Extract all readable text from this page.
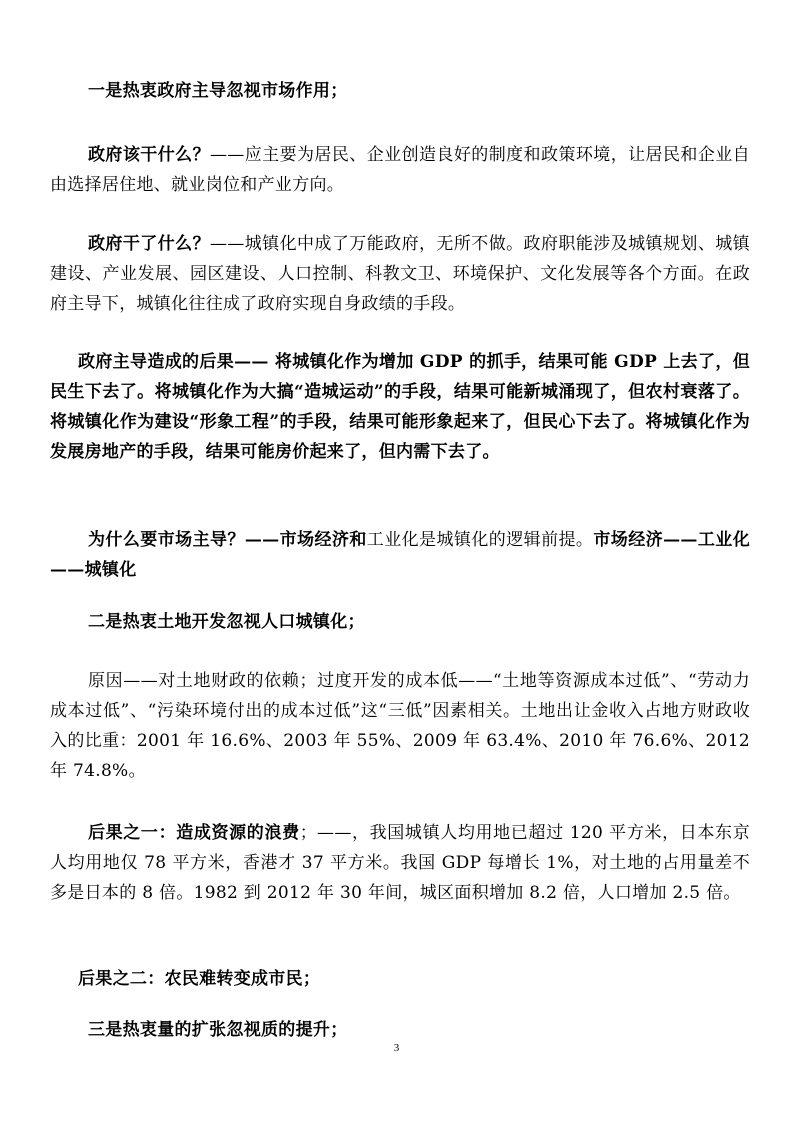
一是热衷政府主导忽视市场作用；

政府该干什么？——应主要为居民、企业创造良好的制度和政策环境，让居民和企业自由选择居住地、就业岗位和产业方向。

政府干了什么？——城镇化中成了万能政府，无所不做。政府职能涉及城镇规划、城镇建设、产业发展、园区建设、人口控制、科教文卫、环境保护、文化发展等各个方面。在政府主导下，城镇化往往成了政府实现自身政绩的手段。

政府主导造成的后果—— 将城镇化作为增加 GDP 的抓手，结果可能 GDP 上去了，但民生下去了。将城镇化作为大搞“造城运动”的手段，结果可能新城涌现了，但农村衰落了。将城镇化作为建设“形象工程”的手段，结果可能形象起来了，但民心下去了。将城镇化作为发展房地产的手段，结果可能房价起来了，但内需下去了。

为什么要市场主导？——市场经济和工业化是城镇化的逻辑前提。市场经济——工业化——城镇化

二是热衷土地开发忽视人口城镇化；

原因——对土地财政的依赖；过度开发的成本低——“土地等资源成本过低”、“劳动力成本过低”、“污染环境付出的成本过低”这“三低”因素相关。土地出让金收入占地方财政收入的比重：2001 年 16.6%、2003 年 55%、2009 年 63.4%、2010 年 76.6%、2012 年 74.8%。

后果之一：造成资源的浪费；——，我国城镇人均用地已超过 120 平方米，日本东京人均用地仅 78 平方米，香港才 37 平方米。我国 GDP 每增长 1%，对土地的占用量差不多是日本的 8 倍。1982 到 2012 年 30 年间，城区面积增加 8.2 倍，人口增加 2.5 倍。

后果之二：农民难转变成市民；

三是热衷量的扩张忽视质的提升；

3
